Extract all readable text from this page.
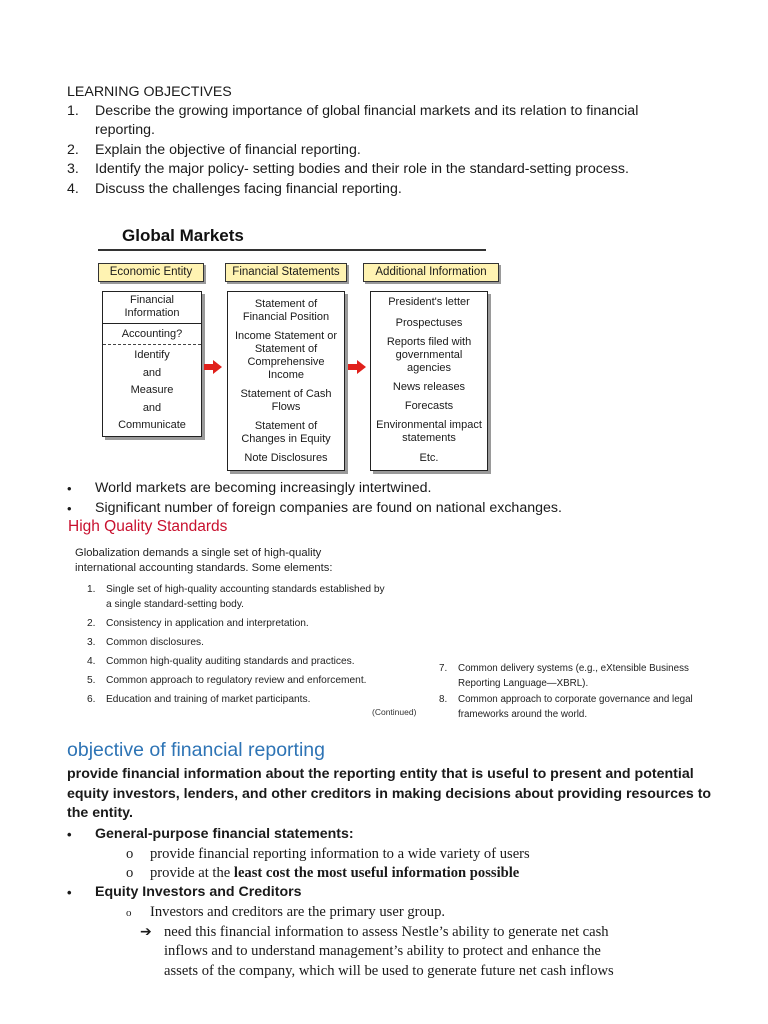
LEARNING OBJECTIVES
1. Describe the growing importance of global financial markets and its relation to financial
reporting.
2. Explain the objective of financial reporting.
3. Identify the major policy- setting bodies and their role in the standard-setting process.
4. Discuss the challenges facing financial reporting.
Global Markets
Economic Entity	Financial Statements	Additional Information
Financial
Information
Accounting?
Identify
and
Measure
and
Communicate
Statement of
Financial Position
Income Statement or
Statement of
Comprehensive
Income
Statement of Cash
Flows
Statement of
Changes in Equity
Note Disclosures
President's letter
Prospectuses
Reports filed with
governmental
agencies
News releases
Forecasts
Environmental impact
statements
Etc.
• World markets are becoming increasingly intertwined.
• Significant number of foreign companies are found on national exchanges.
High Quality Standards
Globalization demands a single set of high-quality
international accounting standards. Some elements:
1. Single set of high-quality accounting standards established by
a single standard-setting body.
2. Consistency in application and interpretation.
3. Common disclosures.
4. Common high-quality auditing standards and practices.
5. Common approach to regulatory review and enforcement.
6. Education and training of market participants.
(Continued)
7. Common delivery systems (e.g., eXtensible Business
Reporting Language—XBRL).
8. Common approach to corporate governance and legal
frameworks around the world.
objective of financial reporting
provide financial information about the reporting entity that is useful to present and potential equity investors, lenders, and other creditors in making decisions about providing resources to the entity.
• General-purpose financial statements:
o provide financial reporting information to a wide variety of users
o provide at the least cost the most useful information possible
• Equity Investors and Creditors
o Investors and creditors are the primary user group.
➔ need this financial information to assess Nestle’s ability to generate net cash
inflows and to understand management’s ability to protect and enhance the
assets of the company, which will be used to generate future net cash inflows
